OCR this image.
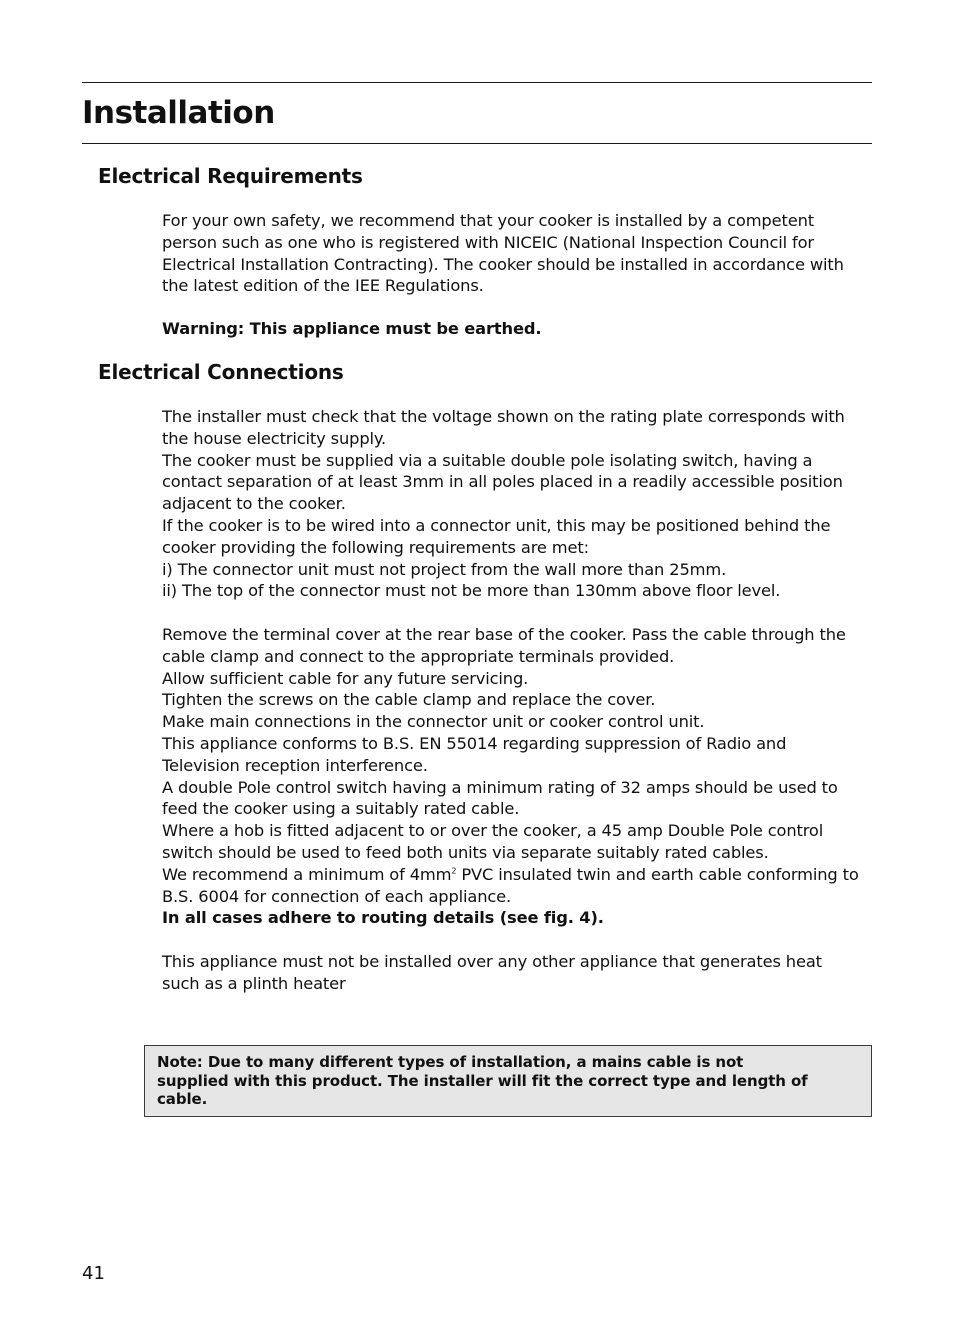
Installation
Electrical Requirements

For your own safety, we recommend that your cooker is installed by a competent

person such as one who is registered with NICEIC (National Inspection Council for

Electrical Installation Contracting). The cooker should be installed in accordance with

the latest edition of the IEE Regulations.

Warning: This appliance must be earthed.

Electrical Connections

The installer must check that the voltage shown on the rating plate corresponds with

the house electricity supply.

The cooker must be supplied via a suitable double pole isolating switch, having a

contact separation of at least 3mm in all poles placed in a readily accessible position

adjacent to the cooker.

If the cooker is to be wired into a connector unit, this may be positioned behind the

cooker providing the following requirements are met:

i) The connector unit must not project from the wall more than 25mm.

ii) The top of the connector must not be more than 130mm above floor level.

Remove the terminal cover at the rear base of the cooker. Pass the cable through the

cable clamp and connect to the appropriate terminals provided.

Allow sufficient cable for any future servicing.

Tighten the screws on the cable clamp and replace the cover.

Make main connections in the connector unit or cooker control unit.

This appliance conforms to B.S. EN 55014 regarding suppression of Radio and

Television reception interference.

A double Pole control switch having a minimum rating of 32 amps should be used to

feed the cooker using a suitably rated cable.

Where a hob is fitted adjacent to or over the cooker, a 45 amp Double Pole control

switch should be used to feed both units via separate suitably rated cables.

We recommend a minimum of $4mm^2$ PVC insulated twin and earth cable conforming to

B.S. 6004 for connection of each appliance.

In all cases adhere to routing details (see fig. 4).

This appliance must not be installed over any other appliance that generates heat

such as a plinth heater

Note: Due to many different types of installation, a mains cable is not
supplied with this product. The installer will fit the correct type and length of
cable.
41
